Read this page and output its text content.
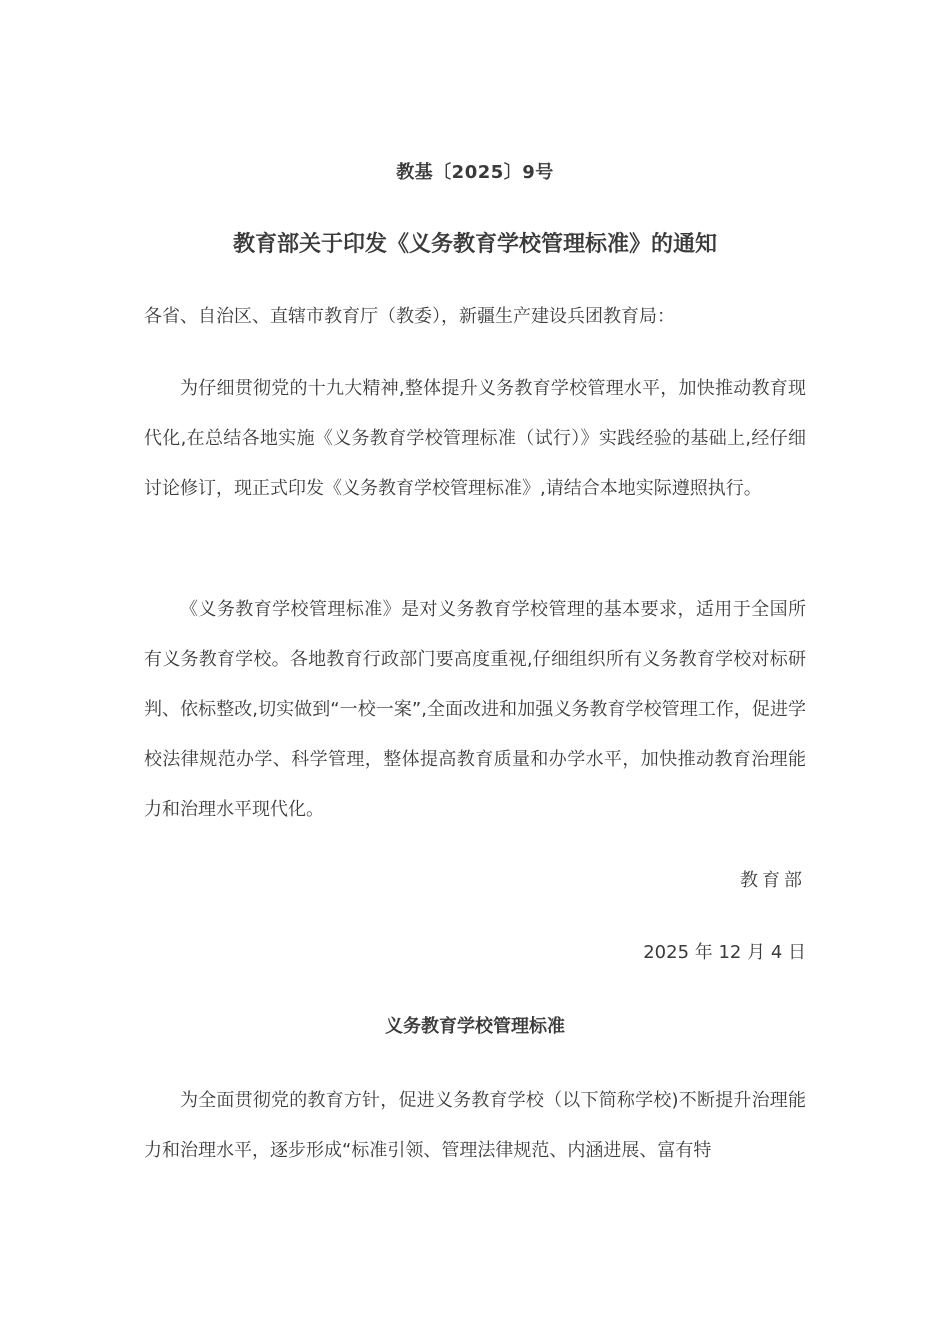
教基〔2025〕9号
教育部关于印发《义务教育学校管理标准》的通知
各省、自治区、直辖市教育厅（教委），新疆生产建设兵团教育局：
为仔细贯彻党的十九大精神,整体提升义务教育学校管理水平，加快推动教育现代化,在总结各地实施《义务教育学校管理标准（试行）》实践经验的基础上,经仔细讨论修订，现正式印发《义务教育学校管理标准》,请结合本地实际遵照执行。
《义务教育学校管理标准》是对义务教育学校管理的基本要求，适用于全国所有义务教育学校。各地教育行政部门要高度重视,仔细组织所有义务教育学校对标研判、依标整改,切实做到“一校一案”,全面改进和加强义务教育学校管理工作，促进学校法律规范办学、科学管理，整体提高教育质量和办学水平，加快推动教育治理能力和治理水平现代化。
教育部
2025 年 12 月 4 日
义务教育学校管理标准
为全面贯彻党的教育方针，促进义务教育学校（以下简称学校)不断提升治理能力和治理水平，逐步形成“标准引领、管理法律规范、内涵进展、富有特
